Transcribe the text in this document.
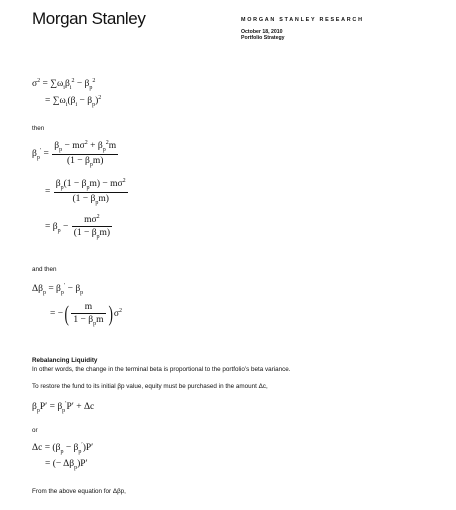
Morgan Stanley	MORGAN STANLEY RESEARCH
October 18, 2010
Portfolio Strategy
$\sigma^2 = \sum\omega_i\beta_i^2 - \beta_p^2$
= $\sum\omega_i(\beta_i - \beta_p)^2$
then
$\beta_p' = \frac{\beta_p - m\sigma^2 + \beta_p^2m}{(1 - \beta_pm)}$
= $\frac{\beta_p(1 - \beta_pm) - m\sigma^2}{(1 - \beta_pm)}$
= $\beta_p - \frac{m\sigma^2}{(1 - \beta_pm)}$
and then
$\Delta\beta_p = \beta_p' - \beta_p$
= −( $\frac{m}{1 - \beta_pm} )\sigma^2$
Rebalancing Liquidity
In other words, the change in the terminal beta is proportional to the portfolio’s beta variance.
To restore the fund to its initial βp value, equity must be purchased in the amount Δc,
$\beta_pP' = \beta_p'P' + \Delta c$
or
$\Delta c = (\beta_p - \beta_p')P'$
= (− $\Delta\beta_p)P'$
From the above equation for Δβp,
